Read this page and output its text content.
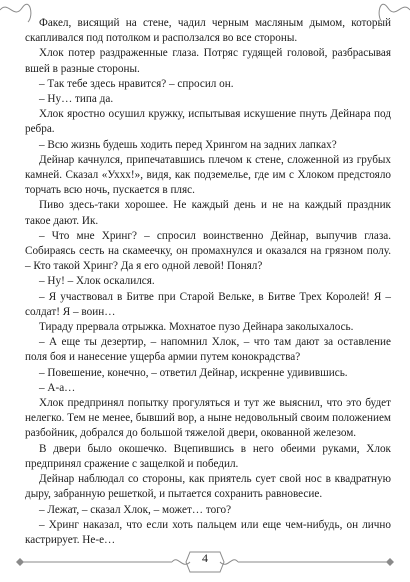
Факел, висящий на стене, чадил черным масляным дымом, который скапливался под потолком и расползался во все стороны.

Хлок потер раздраженные глаза. Потряс гудящей головой, разбрасывая вшей в разные стороны.

– Так тебе здесь нравится? – спросил он.

– Ну… типа да.

Хлок яростно осушил кружку, испытывая искушение пнуть Дейнара под ребра.

– Всю жизнь будешь ходить перед Хрингом на задних лапках?

Дейнар качнулся, припечатавшись плечом к стене, сложенной из грубых камней. Сказал «Уххх!», видя, как подземелье, где им с Хлоком предстояло торчать всю ночь, пускается в пляс.

Пиво здесь-таки хорошее. Не каждый день и не на каждый праздник такое дают. Ик.

– Что мне Хринг? – спросил воинственно Дейнар, выпучив глаза. Собираясь сесть на скамеечку, он промахнулся и оказался на грязном полу. – Кто такой Хринг? Да я его одной левой! Понял?

– Ну! – Хлок оскалился.

– Я участвовал в Битве при Старой Вельке, в Битве Трех Королей! Я – солдат! Я – воин…

Тираду прервала отрыжка. Мохнатое пузо Дейнара заколыхалось.

– А еще ты дезертир, – напомнил Хлок, – что там дают за оставление поля боя и нанесение ущерба армии путем конокрадства?

– Повешение, конечно, – ответил Дейнар, искренне удивившись.

– А-а…

Хлок предпринял попытку прогуляться и тут же выяснил, что это будет нелегко. Тем не менее, бывший вор, а ныне недовольный своим положением разбойник, добрался до большой тяжелой двери, окованной железом.

В двери было окошечко. Вцепившись в него обеими руками, Хлок предпринял сражение с защелкой и победил.

Дейнар наблюдал со стороны, как приятель сует свой нос в квадратную дыру, забранную решеткой, и пытается сохранить равновесие.

– Лежат, – сказал Хлок, – может… того?

– Хринг наказал, что если хоть пальцем или еще чем-нибудь, он лично кастрирует. Не-е…

4
